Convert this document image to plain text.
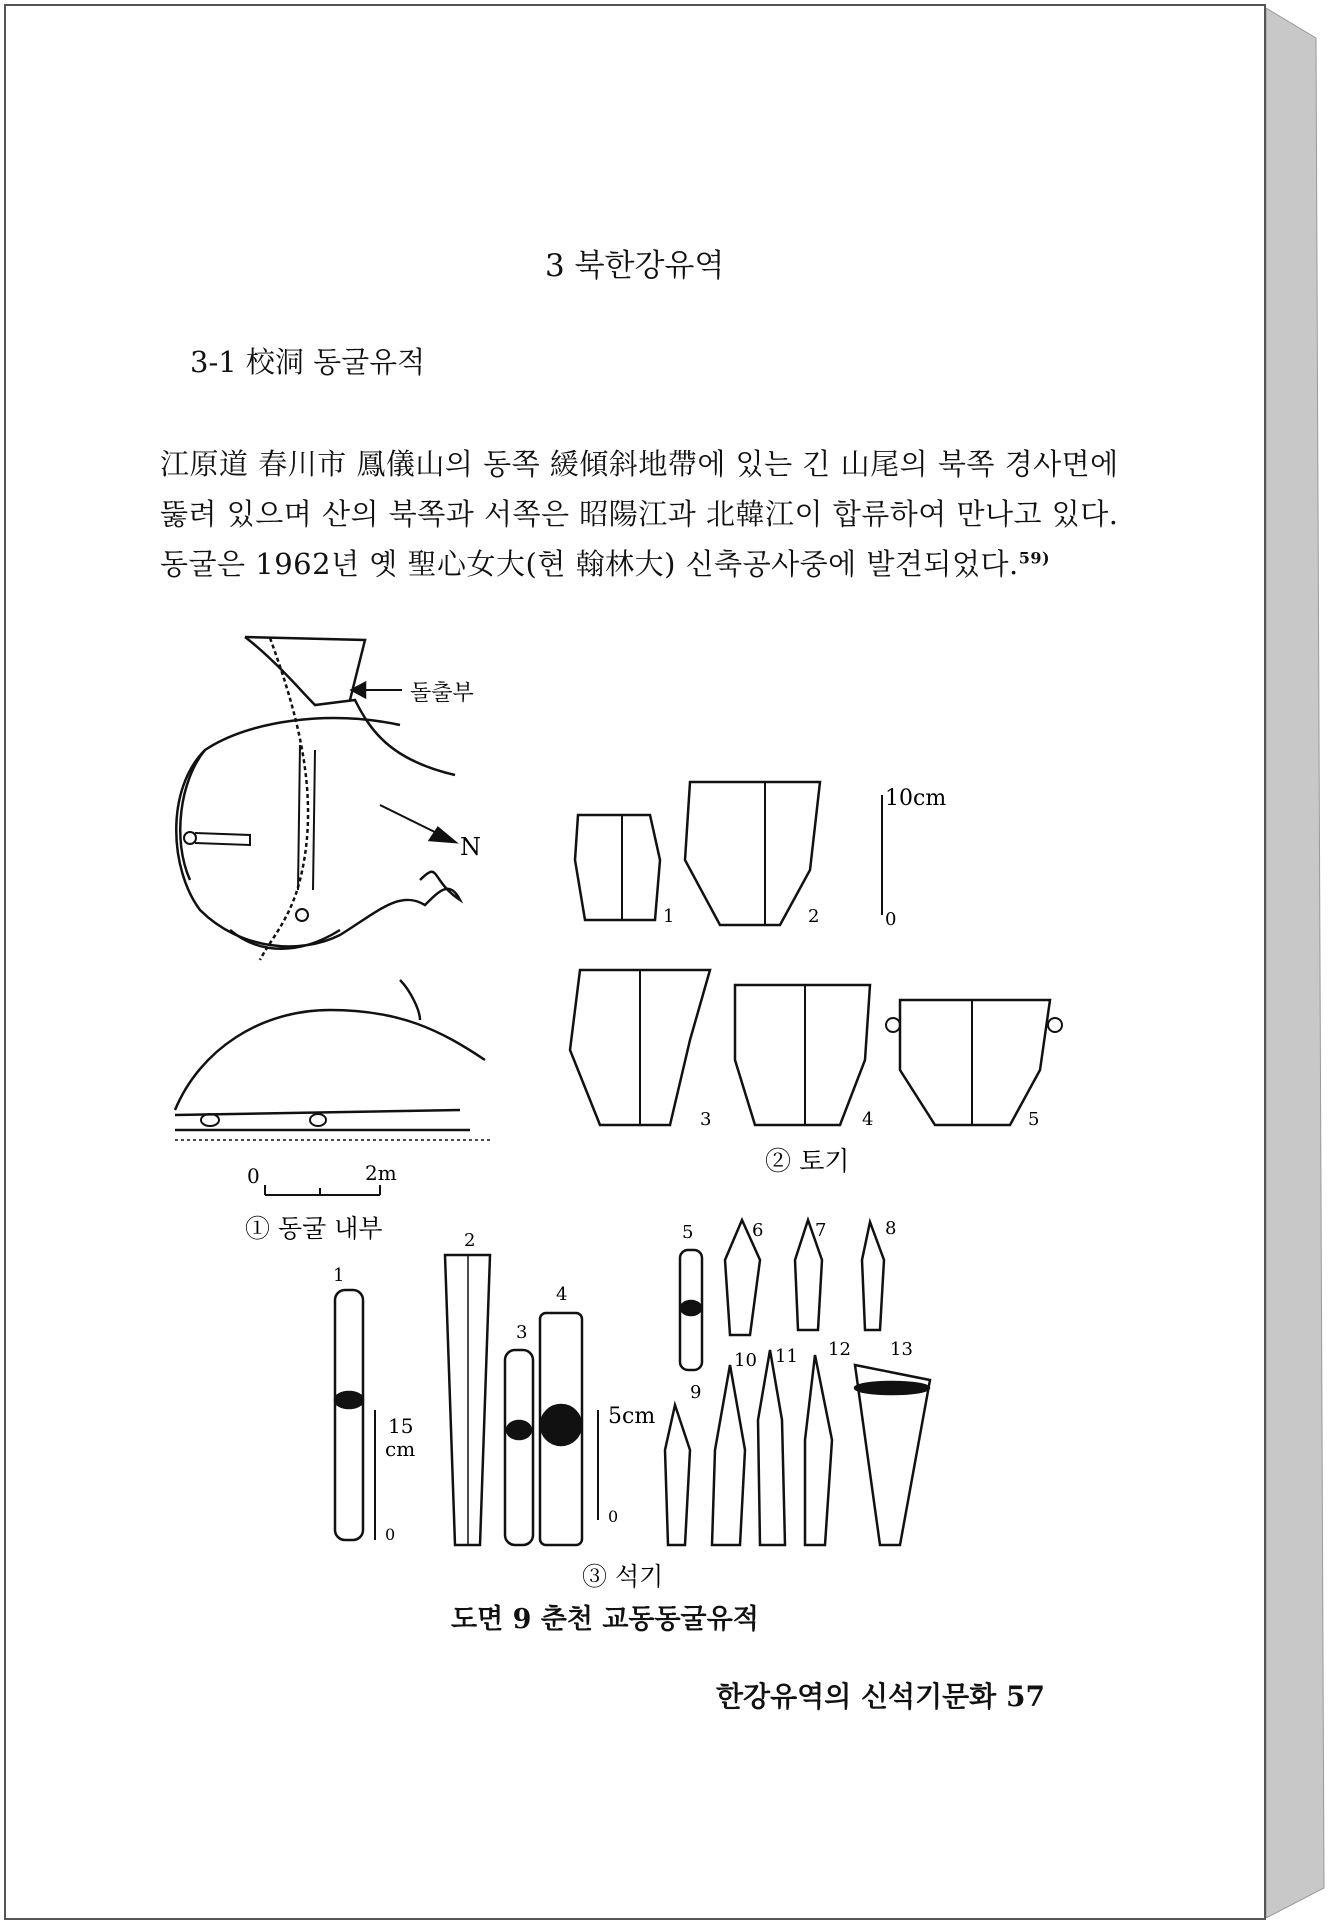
3 북한강유역
3-1 校洞 동굴유적
江原道 春川市 鳳儀山의 동쪽 緩傾斜地帶에 있는 긴 山尾의 북쪽 경사면에
뚫려 있으며 산의 북쪽과 서쪽은 昭陽江과 北韓江이 합류하여 만나고 있다.
동굴은 1962년 옛 聖心女大(현 翰林大) 신축공사중에 발견되었다.$^{59)}$
돌출부
N
0	2m
① 동굴 내부
10cm
0
1	2
3	4	5
② 토기
1
2
3
4
5	6	7	8
9
10 11 12 13
15
cm
0
5cm
0
③ 석기
도면 9 춘천 교동동굴유적
한강유역의 신석기문화 57
